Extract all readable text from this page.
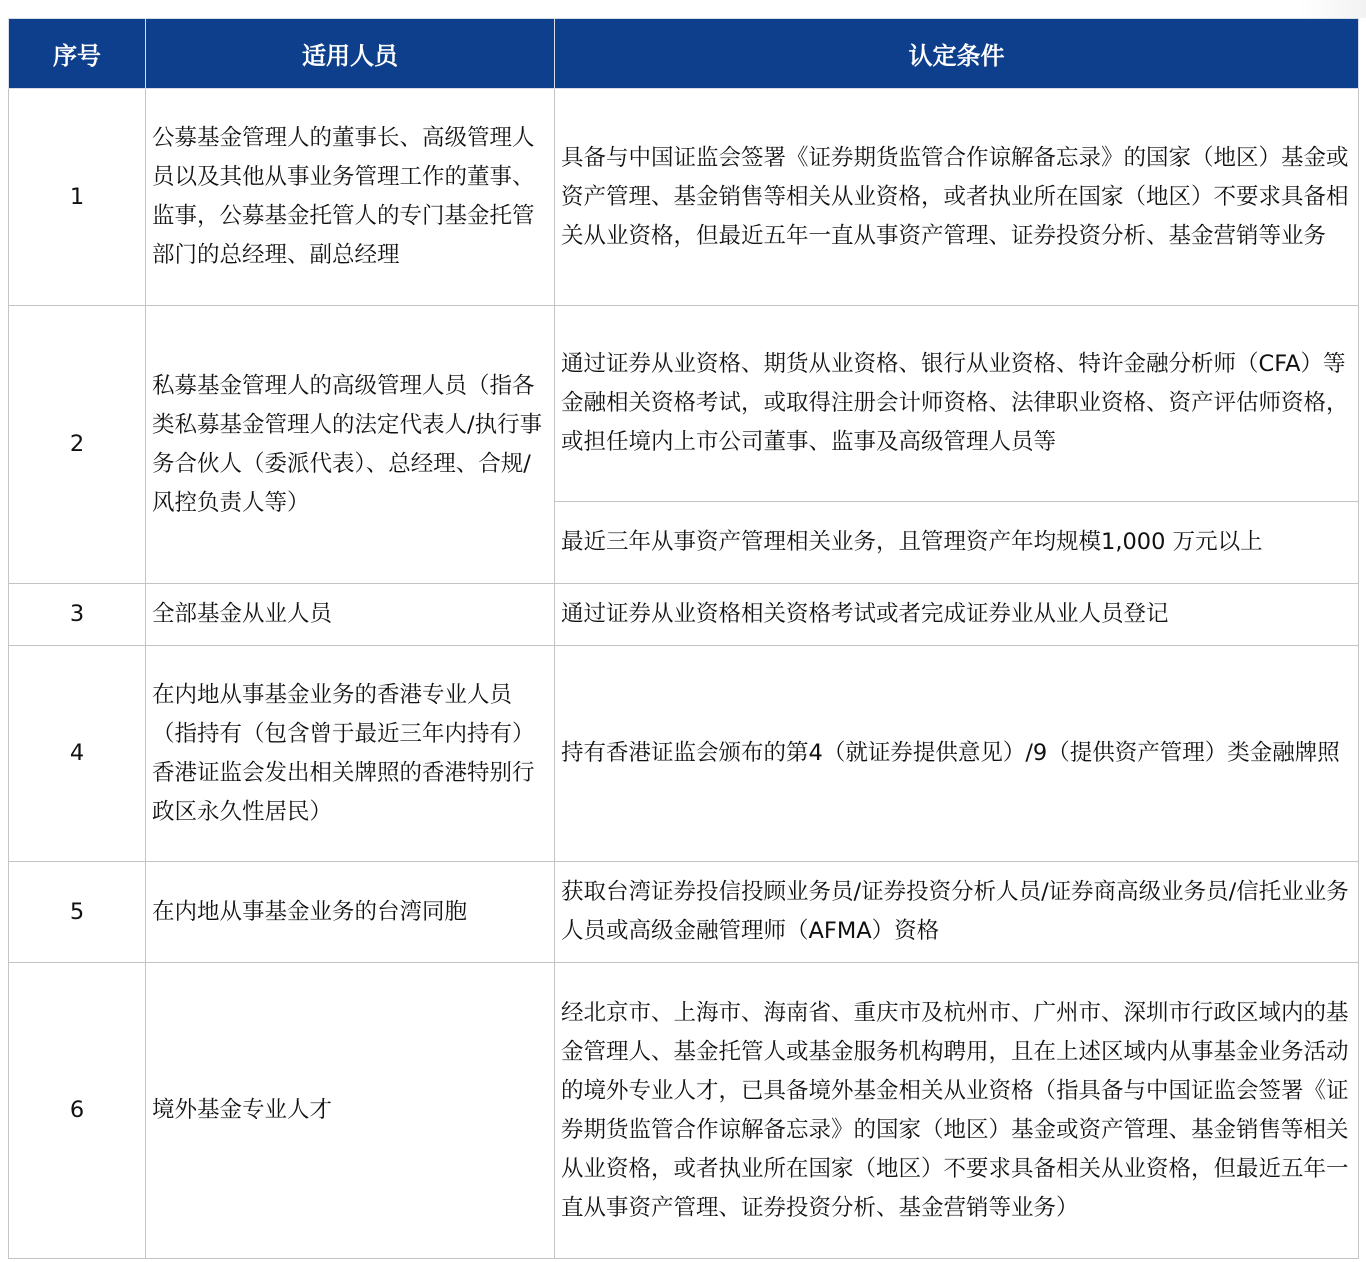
序号	适用人员	认定条件
1	公募基金管理人的董事长、高级管理人员以及其他从事业务管理工作的董事、监事，公募基金托管人的专门基金托管部门的总经理、副总经理	具备与中国证监会签署《证券期货监管合作谅解备忘录》的国家（地区）基金或资产管理、基金销售等相关从业资格，或者执业所在国家（地区）不要求具备相关从业资格，但最近五年一直从事资产管理、证券投资分析、基金营销等业务
2	私募基金管理人的高级管理人员（指各类私募基金管理人的法定代表人/执行事务合伙人（委派代表）、总经理、合规/风控负责人等）	通过证券从业资格、期货从业资格、银行从业资格、特许金融分析师（CFA）等金融相关资格考试，或取得注册会计师资格、法律职业资格、资产评估师资格，或担任境内上市公司董事、监事及高级管理人员等
		最近三年从事资产管理相关业务，且管理资产年均规模1,000 万元以上
3	全部基金从业人员	通过证券从业资格相关资格考试或者完成证券业从业人员登记
4	在内地从事基金业务的香港专业人员（指持有（包含曾于最近三年内持有）香港证监会发出相关牌照的香港特别行政区永久性居民）	持有香港证监会颁布的第4（就证券提供意见）/9（提供资产管理）类金融牌照
5	在内地从事基金业务的台湾同胞	获取台湾证券投信投顾业务员/证券投资分析人员/证券商高级业务员/信托业业务人员或高级金融管理师（AFMA）资格
6	境外基金专业人才	经北京市、上海市、海南省、重庆市及杭州市、广州市、深圳市行政区域内的基金管理人、基金托管人或基金服务机构聘用，且在上述区域内从事基金业务活动的境外专业人才，已具备境外基金相关从业资格（指具备与中国证监会签署《证券期货监管合作谅解备忘录》的国家（地区）基金或资产管理、基金销售等相关从业资格，或者执业所在国家（地区）不要求具备相关从业资格，但最近五年一直从事资产管理、证券投资分析、基金营销等业务）
